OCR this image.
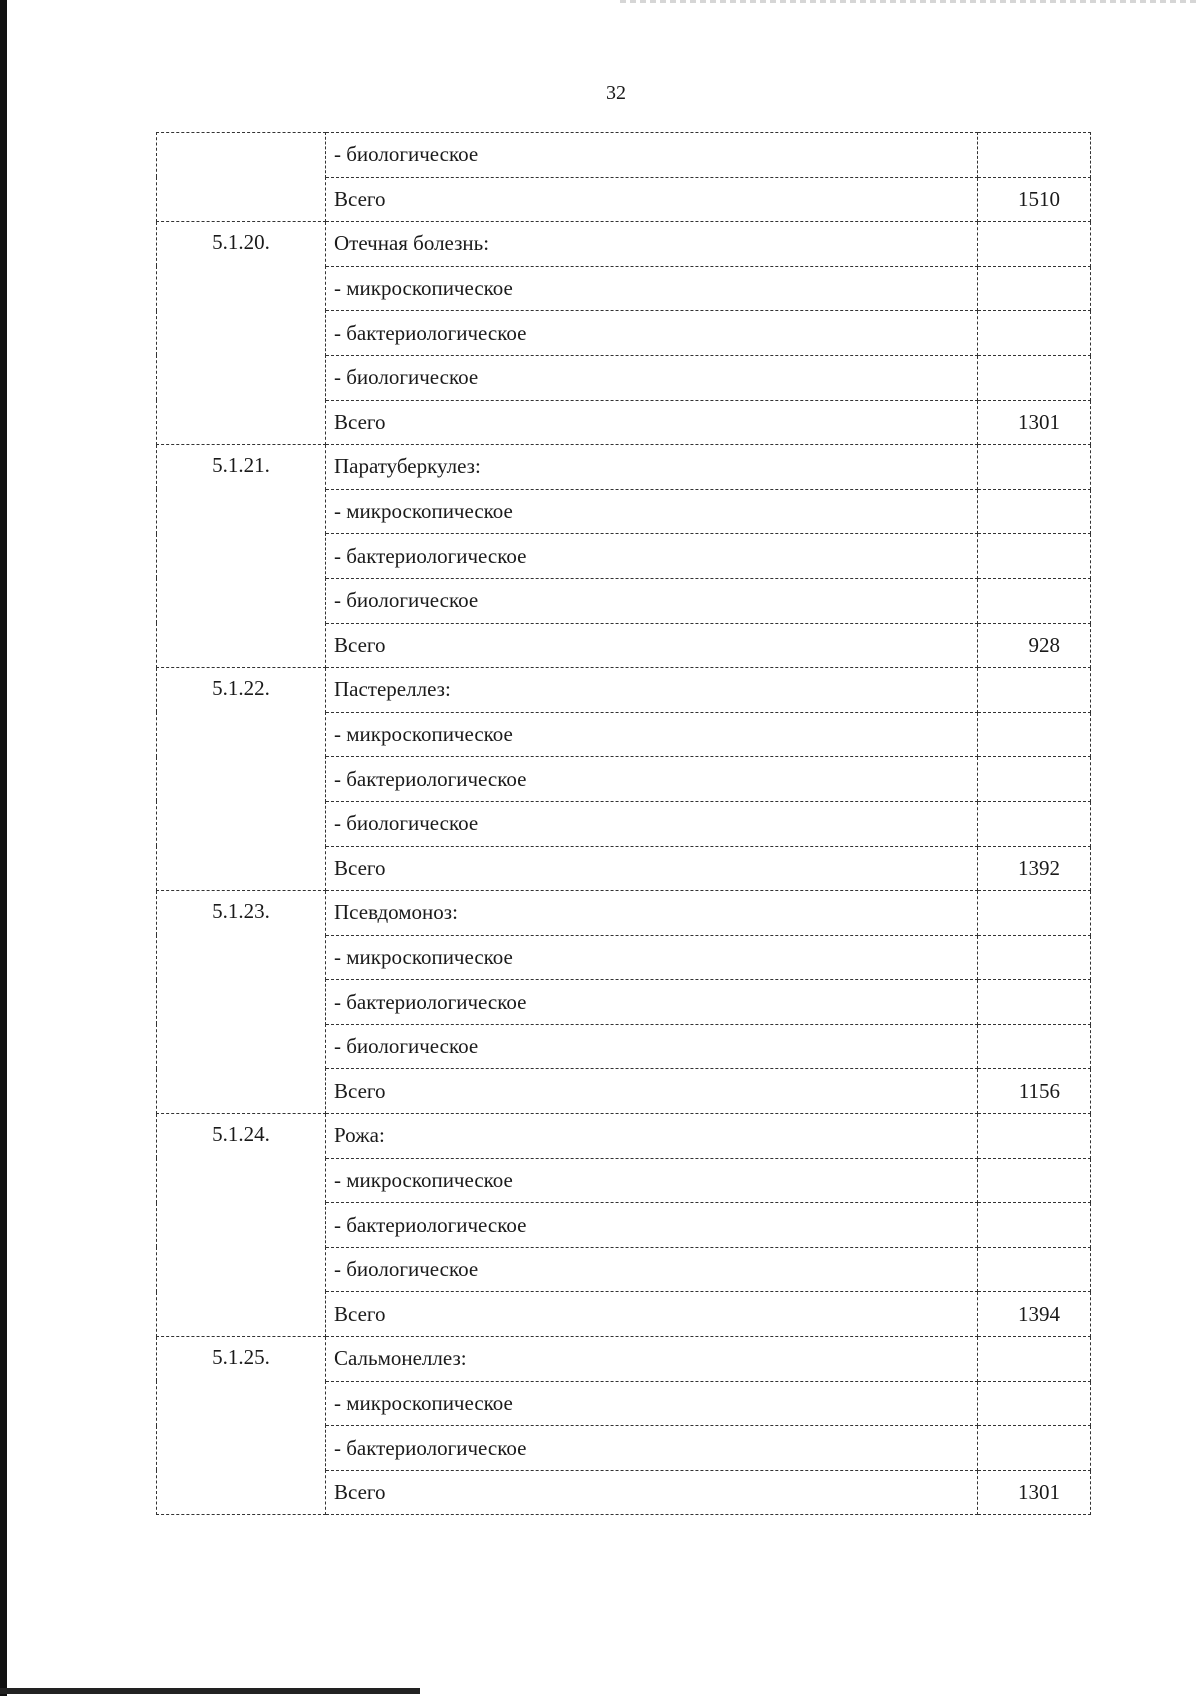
32
	- биологическое	
	Всего	1510
5.1.20.	Отечная болезнь:	
	- микроскопическое	
	- бактериологическое	
	- биологическое	
	Всего	1301
5.1.21.	Паратуберкулез:	
	- микроскопическое	
	- бактериологическое	
	- биологическое	
	Всего	928
5.1.22.	Пастереллез:	
	- микроскопическое	
	- бактериологическое	
	- биологическое	
	Всего	1392
5.1.23.	Псевдомоноз:	
	- микроскопическое	
	- бактериологическое	
	- биологическое	
	Всего	1156
5.1.24.	Рожа:	
	- микроскопическое	
	- бактериологическое	
	- биологическое	
	Всего	1394
5.1.25.	Сальмонеллез:	
	- микроскопическое	
	- бактериологическое	
	Всего	1301
